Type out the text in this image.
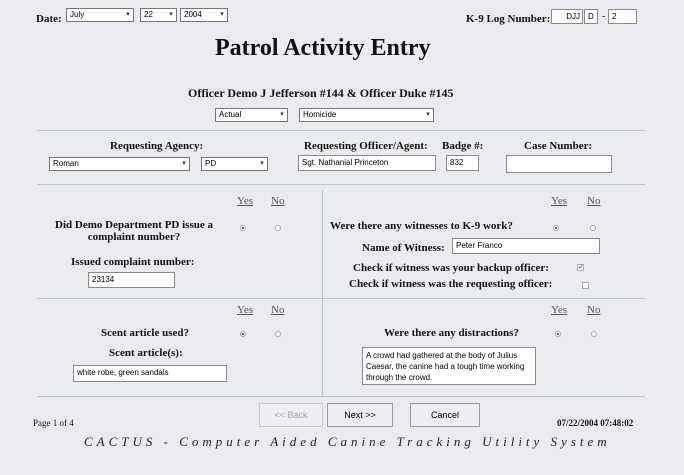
Date:	July	▾	22	▾	2004	▾	K-9 Log Number: DJJ	D - 2
Patrol Activity Entry
Officer Demo J Jefferson #144 & Officer Duke #145
Actual	▾	Homicide	▾
Requesting Agency:
Roman	▾	PD	▾
Requesting Officer/Agent:
Sgt. Nathanial Princeton
Badge #:
832
Case Number:
Yes No	Yes No
Did Demo Department PD issue a complaint number?
Issued complaint number:
23134
Were there any witnesses to K-9 work?
Name of Witness:	Peter Franco
Check if witness was your backup officer:	✓
Check if witness was the requesting officer:
Yes No	Yes No
Scent article used?
Scent article(s):
white robe, green sandals
Were there any distractions?
A crowd had gathered at the body of Julius Caesar, the canine had a tough time working through the crowd.
<< Back	Next >>	Cancel
Page 1 of 4	07/22/2004 07:48:02
CACTUS - Computer Aided Canine Tracking Utility System
